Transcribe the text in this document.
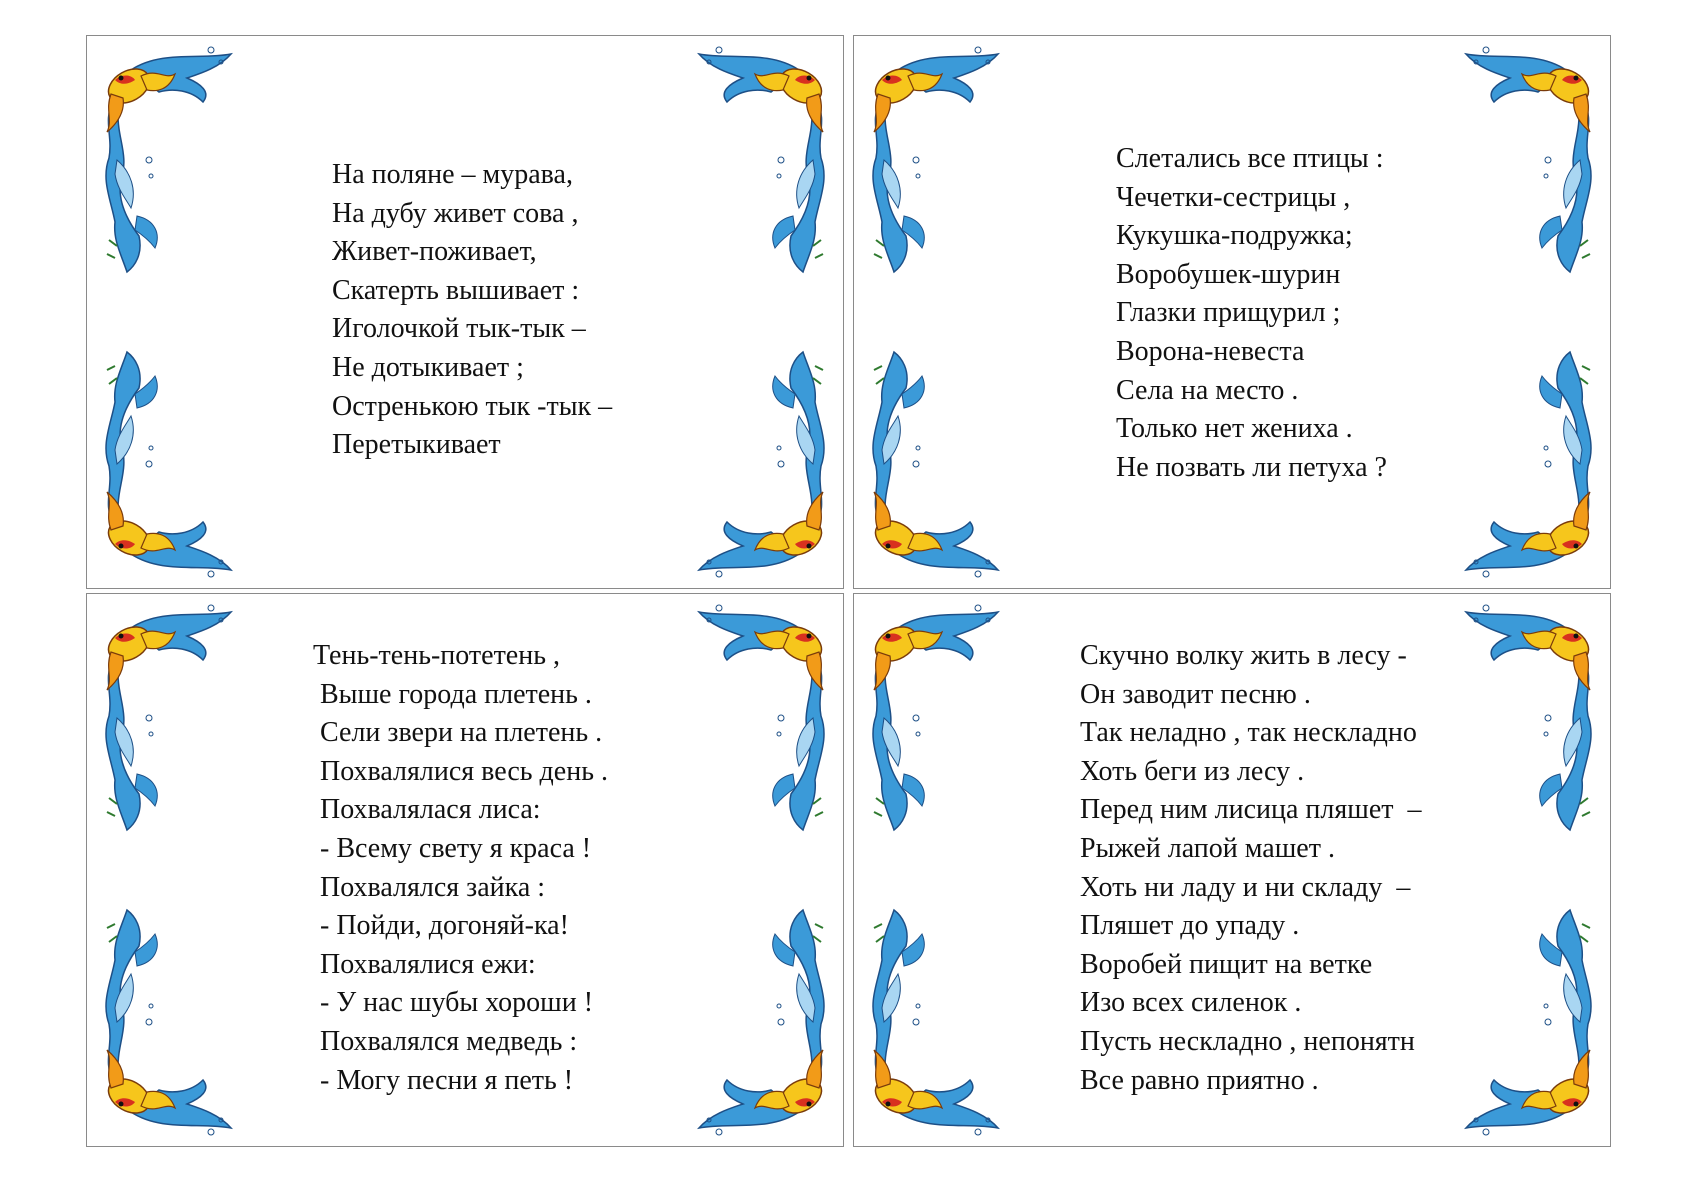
На поляне – мурава,
На дубу живет сова ,
Живет-поживает,
Скатерть вышивает :
Иголочкой тык-тык –
Не дотыкивает ;
Остренькою тык -тык –
Перетыкивает
Слетались все птицы :
Чечетки-сестрицы ,
Кукушка-подружка;
Воробушек-шурин
Глазки прищурил ;
Ворона-невеста
Села на место .
Только нет жениха .
Не позвать ли петуха ?
Тень-тень-потетень ,
Выше города плетень .
Сели звери на плетень .
Похвалялися весь день .
Похвалялася лиса:
- Всему свету я краса !
Похвалялся зайка :
- Пойди, догоняй-ка!
Похвалялися ежи:
- У нас шубы хороши !
Похвалялся медведь :
- Могу песни я петь !
Скучно волку жить в лесу -
Он заводит песню .
Так неладно , так нескладно
Хоть беги из лесу .
Перед ним лисица пляшет  –
Рыжей лапой машет .
Хоть ни ладу и ни складу  –
Пляшет до упаду .
Воробей пищит на ветке
Изо всех силенок .
Пусть нескладно , непонятн
Все равно приятно .
